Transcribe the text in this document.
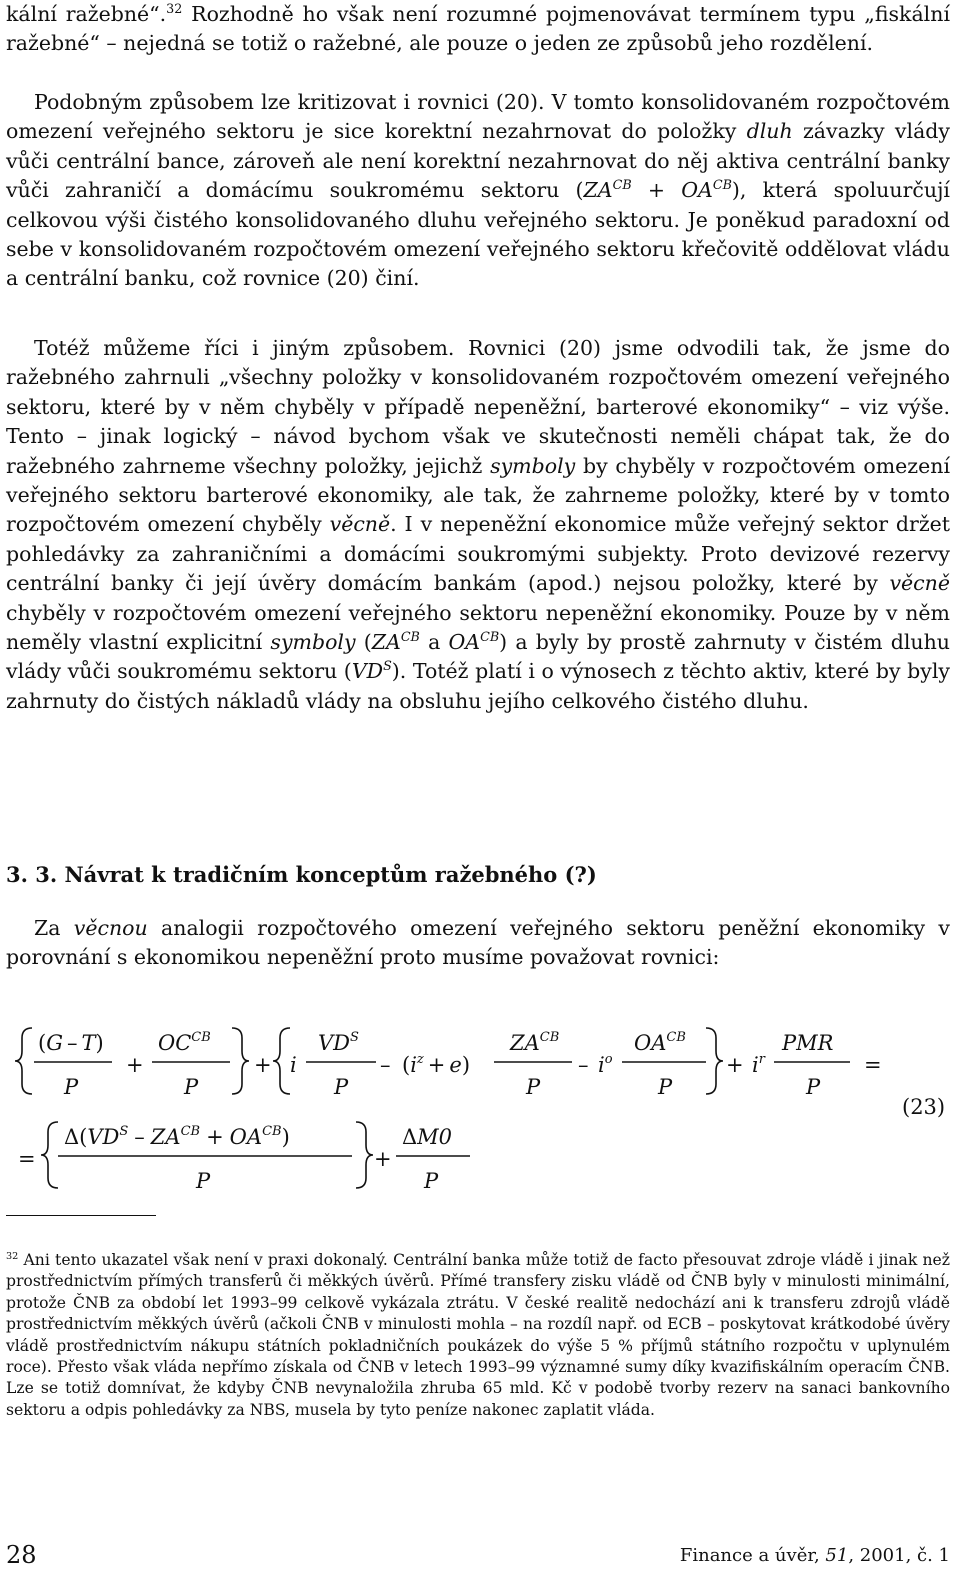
kální ražebné“.$^{32}$ Rozhodně ho však není rozumné pojmenovávat termínem typu „fiskální ražebné“ – nejedná se totiž o ražebné, ale pouze o jeden ze způsobů jeho rozdělení.

Podobným způsobem lze kritizovat i rovnici (20). V tomto konsolidovaném rozpočtovém omezení veřejného sektoru je sice korektní nezahrnovat do položky dluh závazky vlády vůči centrální bance, zároveň ale není korektní nezahrnovat do něj aktiva centrální banky vůči zahraničí a domácímu soukromému sektoru $(ZA^{CB} + OA^{CB})$, která spoluurčují celkovou výši čistého konsolidovaného dluhu veřejného sektoru. Je poněkud paradoxní od sebe v konsolidovaném rozpočtovém omezení veřejného sektoru křečovitě oddělovat vládu a centrální banku, což rovnice (20) činí.

Totéž můžeme říci i jiným způsobem. Rovnici (20) jsme odvodili tak, že jsme do ražebného zahrnuli „všechny položky v konsolidovaném rozpočtovém omezení veřejného sektoru, které by v něm chyběly v případě nepeněžní, barterové ekonomiky“ – viz výše. Tento – jinak logický – návod bychom však ve skutečnosti neměli chápat tak, že do ražebného zahrneme všechny položky, jejichž symboly by chyběly v rozpočtovém omezení veřejného sektoru barterové ekonomiky, ale tak, že zahrneme položky, které by v tomto rozpočtovém omezení chyběly věcně. I v nepeněžní ekonomice může veřejný sektor držet pohledávky za zahraničními a domácími soukromými subjekty. Proto devizové rezervy centrální banky či její úvěry domácím bankám (apod.) nejsou položky, které by věcně chyběly v rozpočtovém omezení veřejného sektoru nepeněžní ekonomiky. Pouze by v něm neměly vlastní explicitní symboly ($ZA^{CB}$ a $OA^{CB}$) a byly by prostě zahrnuty v čistém dluhu vlády vůči soukromému sektoru $(VD^S)$. Totéž platí i o výnosech z těchto aktiv, které by byly zahrnuty do čistých nákladů vlády na obsluhu jejího celkového čistého dluhu.

3. 3. Návrat k tradičním konceptům ražebného (?)

Za věcnou analogii rozpočtového omezení veřejného sektoru peněžní ekonomiky v porovnání s ekonomikou nepeněžní proto musíme považovat rovnici:

(G – T)
P
+
$OC^{CB}$
P
+ i
$VD^S$
P
– $(i^z + e)$
$ZA^{CB}$
P
– $i^o$
$OA^{CB}$
P
+ $i^r$
PMR
P
=
(23)
=
$\Delta(VD^S - ZA^{CB} + OA^{CB})$
P
+
ΔM0
P

$^{32}$ Ani tento ukazatel však není v praxi dokonalý. Centrální banka může totiž de facto přesouvat zdroje vládě i jinak než prostřednictvím přímých transferů či měkkých úvěrů. Přímé transfery zisku vládě od ČNB byly v minulosti minimální, protože ČNB za období let 1993–99 celkově vykázala ztrátu. V české realitě nedochází ani k transferu zdrojů vládě prostřednictvím měkkých úvěrů (ačkoli ČNB v minulosti mohla – na rozdíl např. od ECB – poskytovat krátkodobé úvěry vládě prostřednictvím nákupu státních pokladničních poukázek do výše 5 % příjmů státního rozpočtu v uplynulém roce). Přesto však vláda nepřímo získala od ČNB v letech 1993–99 významné sumy díky kvazifiskálním operacím ČNB. Lze se totiž domnívat, že kdyby ČNB nevynaložila zhruba 65 mld. Kč v podobě tvorby rezerv na sanaci bankovního sektoru a odpis pohledávky za NBS, musela by tyto peníze nakonec zaplatit vláda.

28	Finance a úvěr, 51, 2001, č. 1
